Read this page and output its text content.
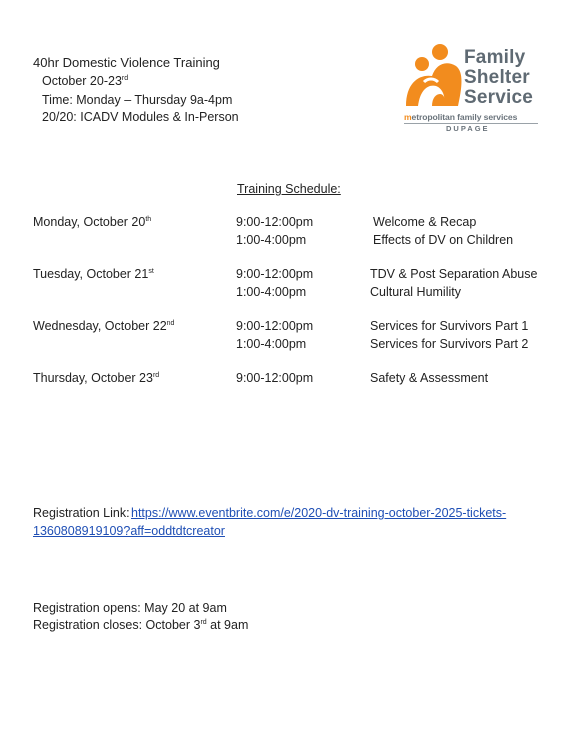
40hr Domestic Violence Training
October 20-23rd
Time: Monday – Thursday 9a-4pm
20/20: ICADV Modules & In-Person
Family
Shelter
Service
metropolitan family services
DUPAGE
Training Schedule:
Monday, October 20th	9:00-12:00pm	Welcome & Recap
1:00-4:00pm	Effects of DV on Children
Tuesday, October 21st	9:00-12:00pm	TDV & Post Separation Abuse
1:00-4:00pm	Cultural Humility
Wednesday, October 22nd	9:00-12:00pm	Services for Survivors Part 1
1:00-4:00pm	Services for Survivors Part 2
Thursday, October 23rd	9:00-12:00pm	Safety & Assessment
Registration Link: https://www.eventbrite.com/e/2020-dv-training-october-2025-tickets-
136080891910​9?aff=oddtdtcreator
Registration opens: May 20 at 9am
Registration closes: October 3rd at 9am
